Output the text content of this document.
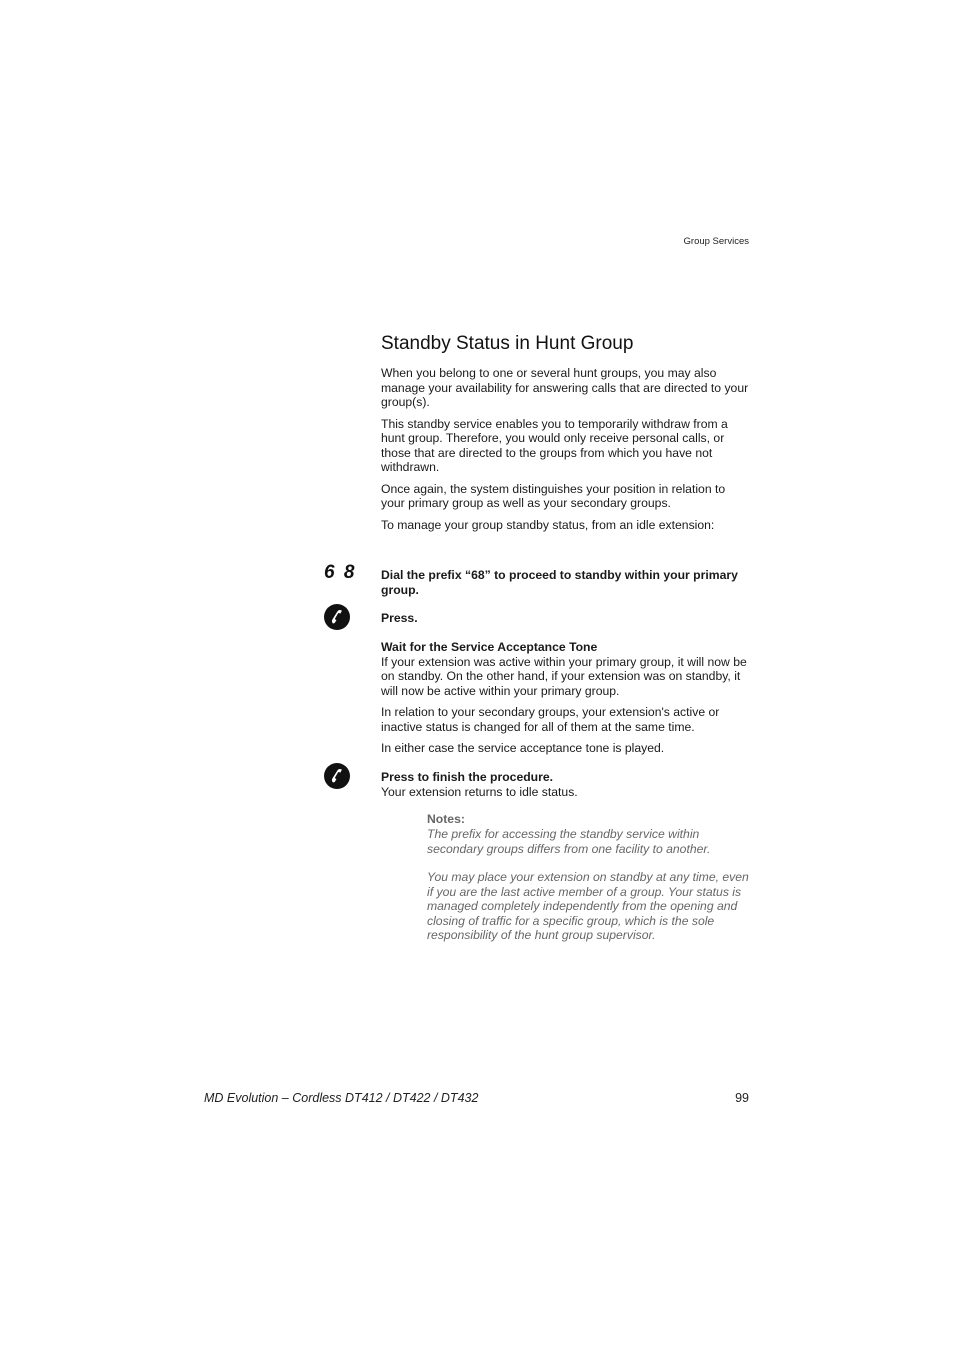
Group Services
Standby Status in Hunt Group

When you belong to one or several hunt groups, you may also manage your availability for answering calls that are directed to your group(s).

This standby service enables you to temporarily withdraw from a hunt group. Therefore, you would only receive personal calls, or those that are directed to the groups from which you have not withdrawn.

Once again, the system distinguishes your position in relation to your primary group as well as your secondary groups.

To manage your group standby status, from an idle extension:

6 8 Dial the prefix “68” to proceed to standby within your primary group.

Press.

Wait for the Service Acceptance Tone

If your extension was active within your primary group, it will now be on standby. On the other hand, if your extension was on standby, it will now be active within your primary group.

In relation to your secondary groups, your extension's active or inactive status is changed for all of them at the same time.

In either case the service acceptance tone is played.

Press to finish the procedure.

Your extension returns to idle status.

Notes:

The prefix for accessing the standby service within secondary groups differs from one facility to another.

You may place your extension on standby at any time, even if you are the last active member of a group. Your status is managed completely independently from the opening and closing of traffic for a specific group, which is the sole responsibility of the hunt group supervisor.

MD Evolution – Cordless DT412 / DT422 / DT432	99
